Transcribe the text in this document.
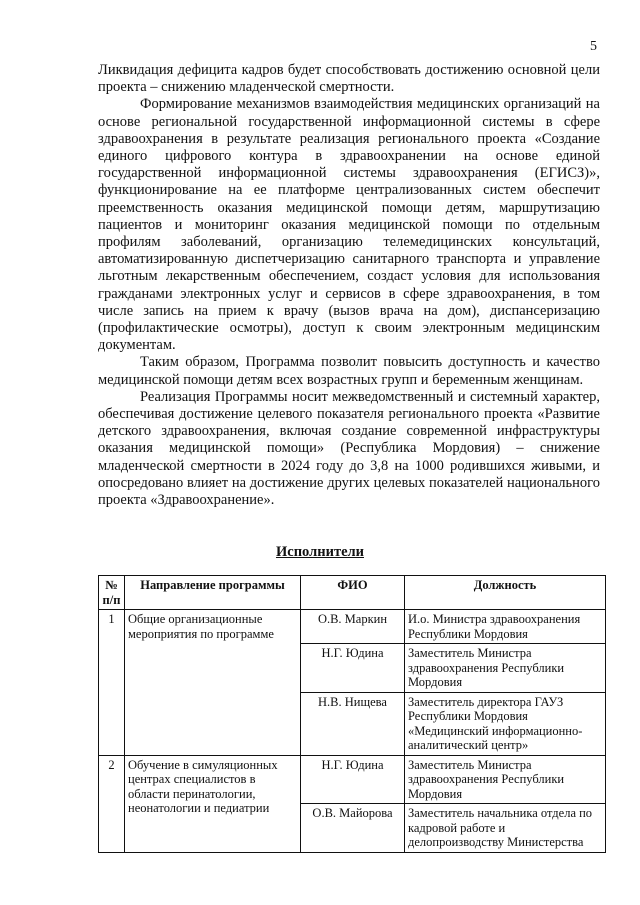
5

Ликвидация дефицита кадров будет способствовать достижению основной цели проекта – снижению младенческой смертности.

Формирование механизмов взаимодействия медицинских организаций на основе региональной государственной информационной системы в сфере здравоохранения в результате реализация регионального проекта «Создание единого цифрового контура в здравоохранении на основе единой государственной информационной системы здравоохранения (ЕГИСЗ)», функционирование на ее платформе централизованных систем обеспечит преемственность оказания медицинской помощи детям, маршрутизацию пациентов и мониторинг оказания медицинской помощи по отдельным профилям заболеваний, организацию телемедицинских консультаций, автоматизированную диспетчеризацию санитарного транспорта и управление льготным лекарственным обеспечением, создаст условия для использования гражданами электронных услуг и сервисов в сфере здравоохранения, в том числе запись на прием к врачу (вызов врача на дом), диспансеризацию (профилактические осмотры), доступ к своим электронным медицинским документам.

Таким образом, Программа позволит повысить доступность и качество медицинской помощи детям всех возрастных групп и беременным женщинам.

Реализация Программы носит межведомственный и системный характер, обеспечивая достижение целевого показателя регионального проекта «Развитие детского здравоохранения, включая создание современной инфраструктуры оказания медицинской помощи» (Республика Мордовия) – снижение младенческой смертности в 2024 году до 3,8 на 1000 родившихся живыми, и опосредовано влияет на достижение других целевых показателей национального проекта «Здравоохранение».

Исполнители
№ п/п	Направление программы	ФИО	Должность
1	Общие организационные мероприятия по программе	О.В. Маркин	И.о. Министра здравоохранения Республики Мордовия
		Н.Г. Юдина	Заместитель Министра здравоохранения Республики Мордовия
		Н.В. Нищева	Заместитель директора ГАУЗ Республики Мордовия «Медицинский информационно-аналитический центр»
2	Обучение в симуляционных центрах специалистов в области перинатологии, неонатологии и педиатрии	Н.Г. Юдина	Заместитель Министра здравоохранения Республики Мордовия
		О.В. Майорова	Заместитель начальника отдела по кадровой работе и делопроизводству Министерства
